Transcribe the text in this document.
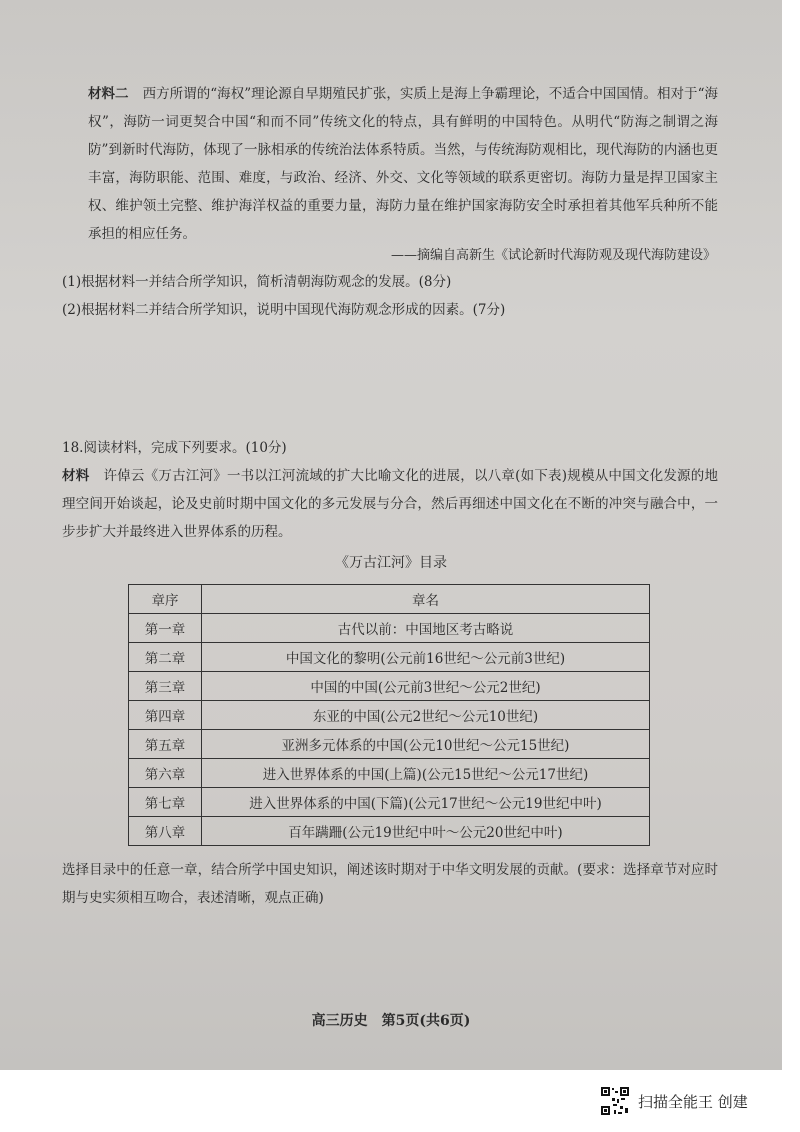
材料二 西方所谓的“海权”理论源自早期殖民扩张，实质上是海上争霸理论，不适合中国国情。相对于“海权”，海防一词更契合中国“和而不同”传统文化的特点，具有鲜明的中国特色。从明代“防海之制谓之海防”到新时代海防，体现了一脉相承的传统治法体系特质。当然，与传统海防观相比，现代海防的内涵也更丰富，海防职能、范围、难度，与政治、经济、外交、文化等领域的联系更密切。海防力量是捍卫国家主权、维护领土完整、维护海洋权益的重要力量，海防力量在维护国家海防安全时承担着其他军兵种所不能承担的相应任务。
——摘编自高新生《试论新时代海防观及现代海防建设》
(1)根据材料一并结合所学知识，简析清朝海防观念的发展。(8分)
(2)根据材料二并结合所学知识，说明中国现代海防观念形成的因素。(7分)
18.阅读材料，完成下列要求。(10分)
材料 许倬云《万古江河》一书以江河流域的扩大比喻文化的进展，以八章(如下表)规模从中国文化发源的地理空间开始谈起，论及史前时期中国文化的多元发展与分合，然后再细述中国文化在不断的冲突与融合中，一步步扩大并最终进入世界体系的历程。
《万古江河》目录
章序	章名
第一章	古代以前：中国地区考古略说
第二章	中国文化的黎明(公元前16世纪～公元前3世纪)
第三章	中国的中国(公元前3世纪～公元2世纪)
第四章	东亚的中国(公元2世纪～公元10世纪)
第五章	亚洲多元体系的中国(公元10世纪～公元15世纪)
第六章	进入世界体系的中国(上篇)(公元15世纪～公元17世纪)
第七章	进入世界体系的中国(下篇)(公元17世纪～公元19世纪中叶)
第八章	百年蹒跚(公元19世纪中叶～公元20世纪中叶)
选择目录中的任意一章，结合所学中国史知识，阐述该时期对于中华文明发展的贡献。(要求：选择章节对应时期与史实须相互吻合，表述清晰，观点正确)
高三历史　第5页(共6页)
扫描全能王 创建
